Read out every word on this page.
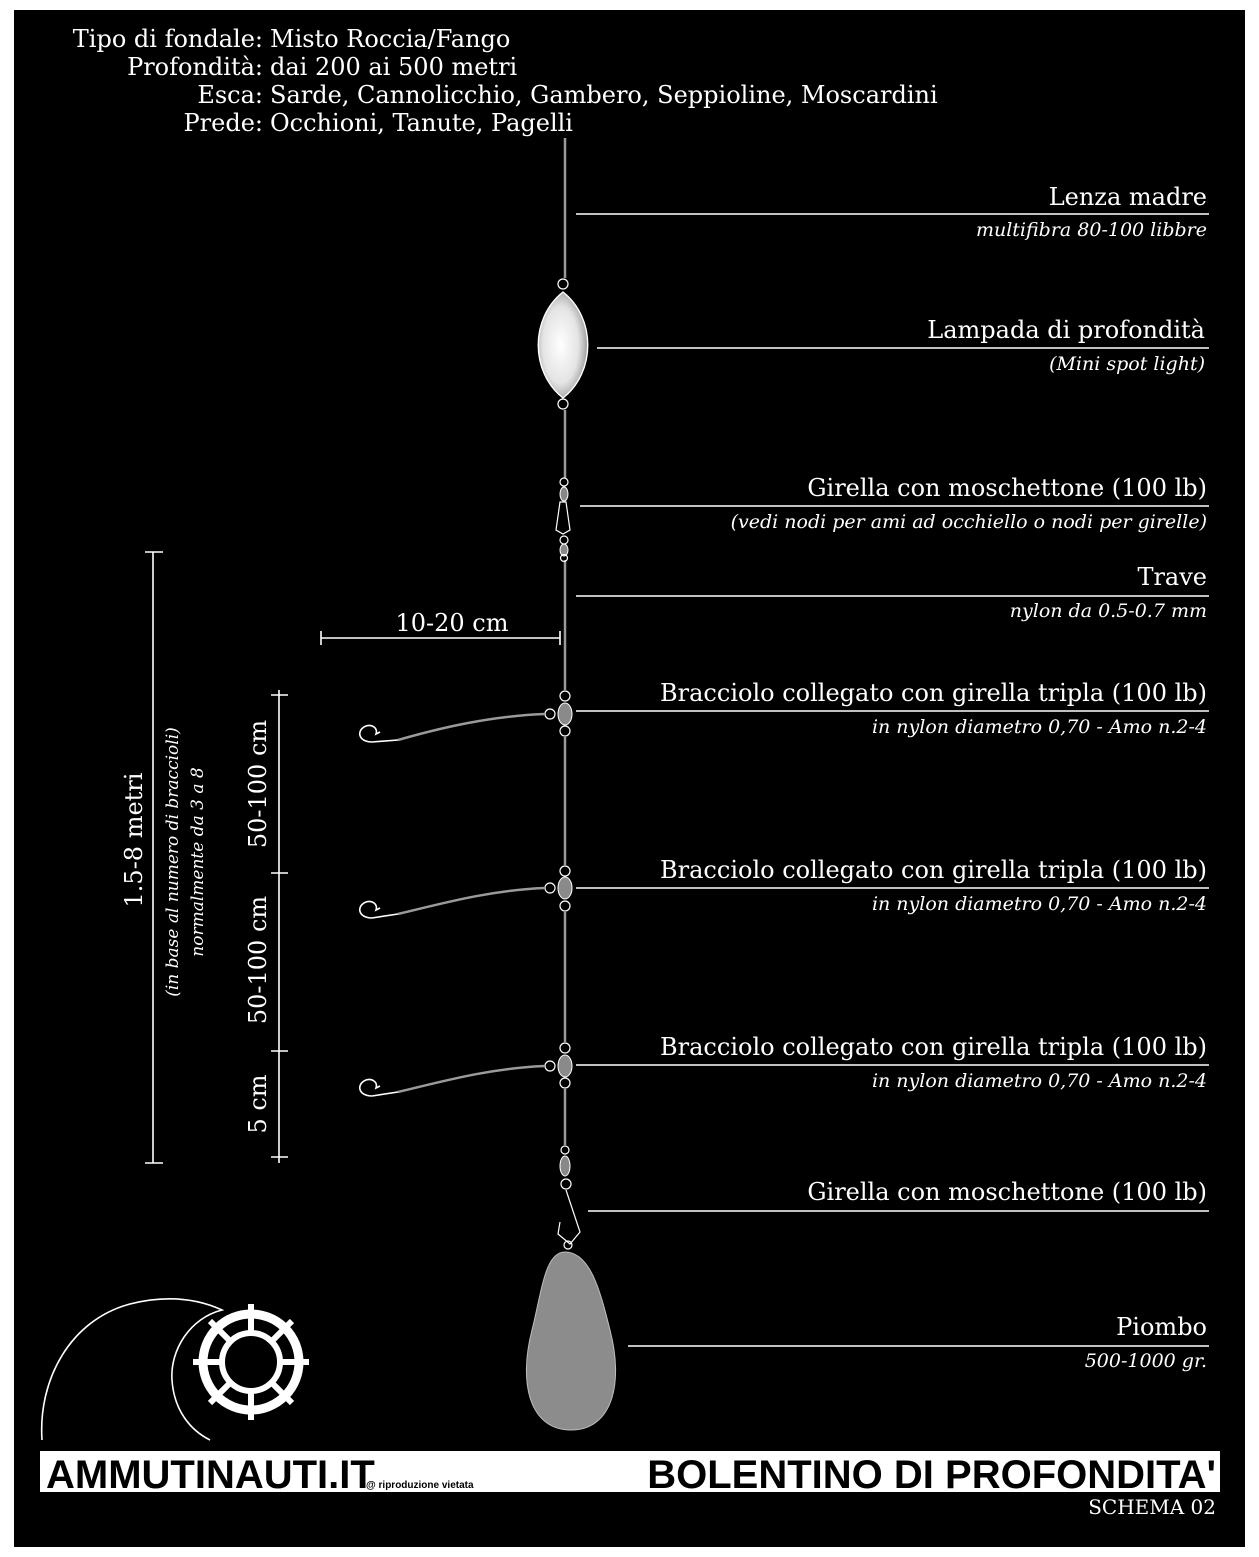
Tipo di fondale: Misto Roccia/Fango
Profondità: dai 200 ai 500 metri
Esca: Sarde, Cannolicchio, Gambero, Seppioline, Moscardini
Prede: Occhioni, Tanute, Pagelli
Lenza madre
multifibra 80-100 libbre
Lampada di profondità
(Mini spot light)
Girella con moschettone (100 lb)
(vedi nodi per ami ad occhiello o nodi per girelle)
Trave
nylon da 0.5-0.7 mm
Bracciolo collegato con girella tripla (100 lb)
in nylon diametro 0,70 - Amo n.2-4
Bracciolo collegato con girella tripla (100 lb)
in nylon diametro 0,70 - Amo n.2-4
Bracciolo collegato con girella tripla (100 lb)
in nylon diametro 0,70 - Amo n.2-4
Girella con moschettone (100 lb)
Piombo
500-1000 gr.
10-20 cm
1.5-8 metri (in base al numero di braccioli) normalmente da 3 a 8 50-100 cm
50-100 cm
5 cm
AMMUTINAUTI.IT
@ riproduzione vietata	BOLENTINO DI PROFONDITA'
SCHEMA 02
